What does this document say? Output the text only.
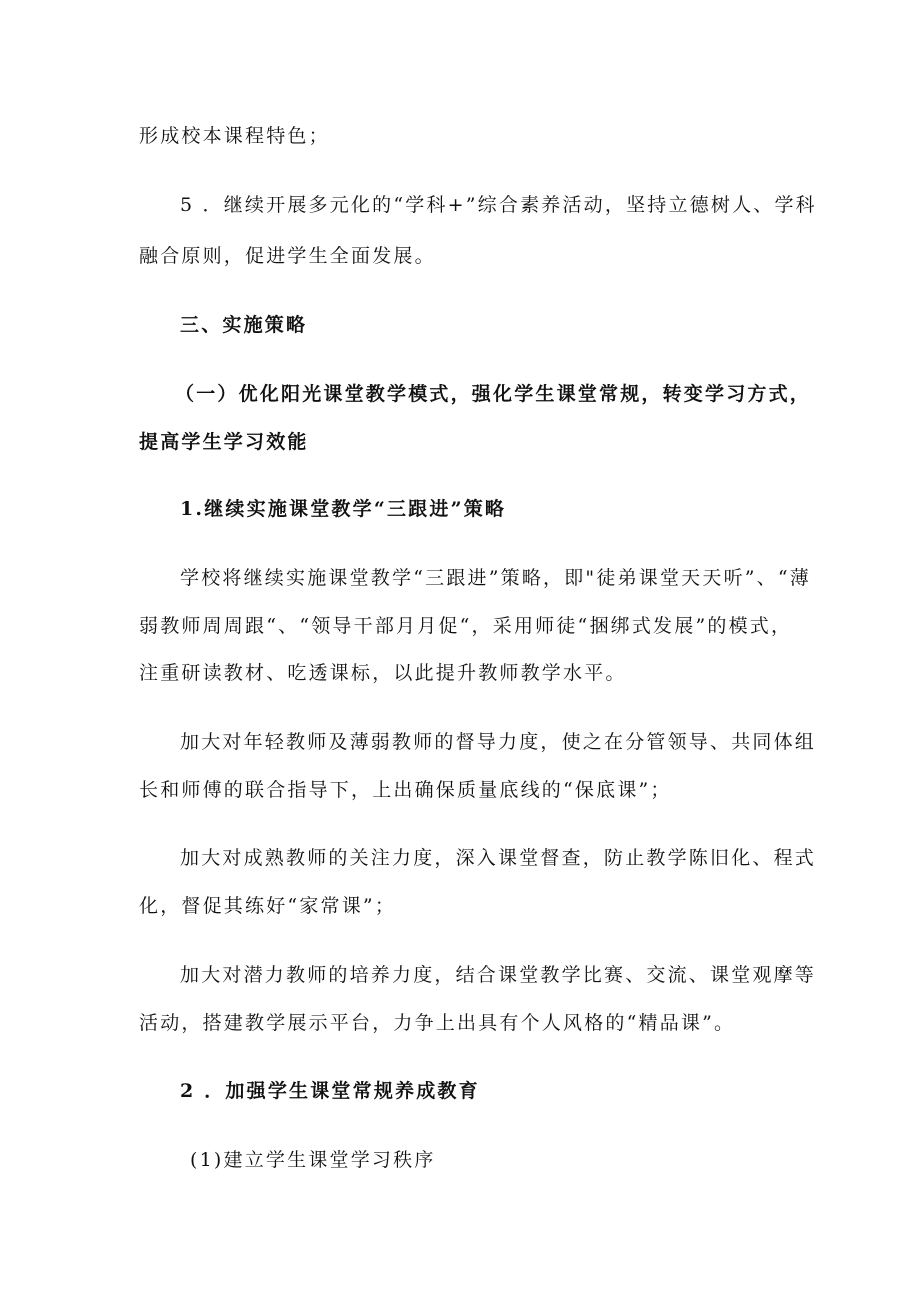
形成校本课程特色；
5 ．继续开展多元化的“学科+”综合素养活动，坚持立德树人、学科
融合原则，促进学生全面发展。
三、实施策略
（一）优化阳光课堂教学模式，强化学生课堂常规，转变学习方式，
提高学生学习效能
1.继续实施课堂教学“三跟进”策略
学校将继续实施课堂教学“三跟进”策略，即"徒弟课堂天天听”、“薄
弱教师周周跟“、“领导干部月月促“，采用师徒“捆绑式发展”的模式，
注重研读教材、吃透课标，以此提升教师教学水平。
加大对年轻教师及薄弱教师的督导力度，使之在分管领导、共同体组
长和师傅的联合指导下，上出确保质量底线的“保底课”；
加大对成熟教师的关注力度，深入课堂督查，防止教学陈旧化、程式
化，督促其练好“家常课”；
加大对潜力教师的培养力度，结合课堂教学比赛、交流、课堂观摩等
活动，搭建教学展示平台，力争上出具有个人风格的“精品课”。
2 ．加强学生课堂常规养成教育
(1)建立学生课堂学习秩序
